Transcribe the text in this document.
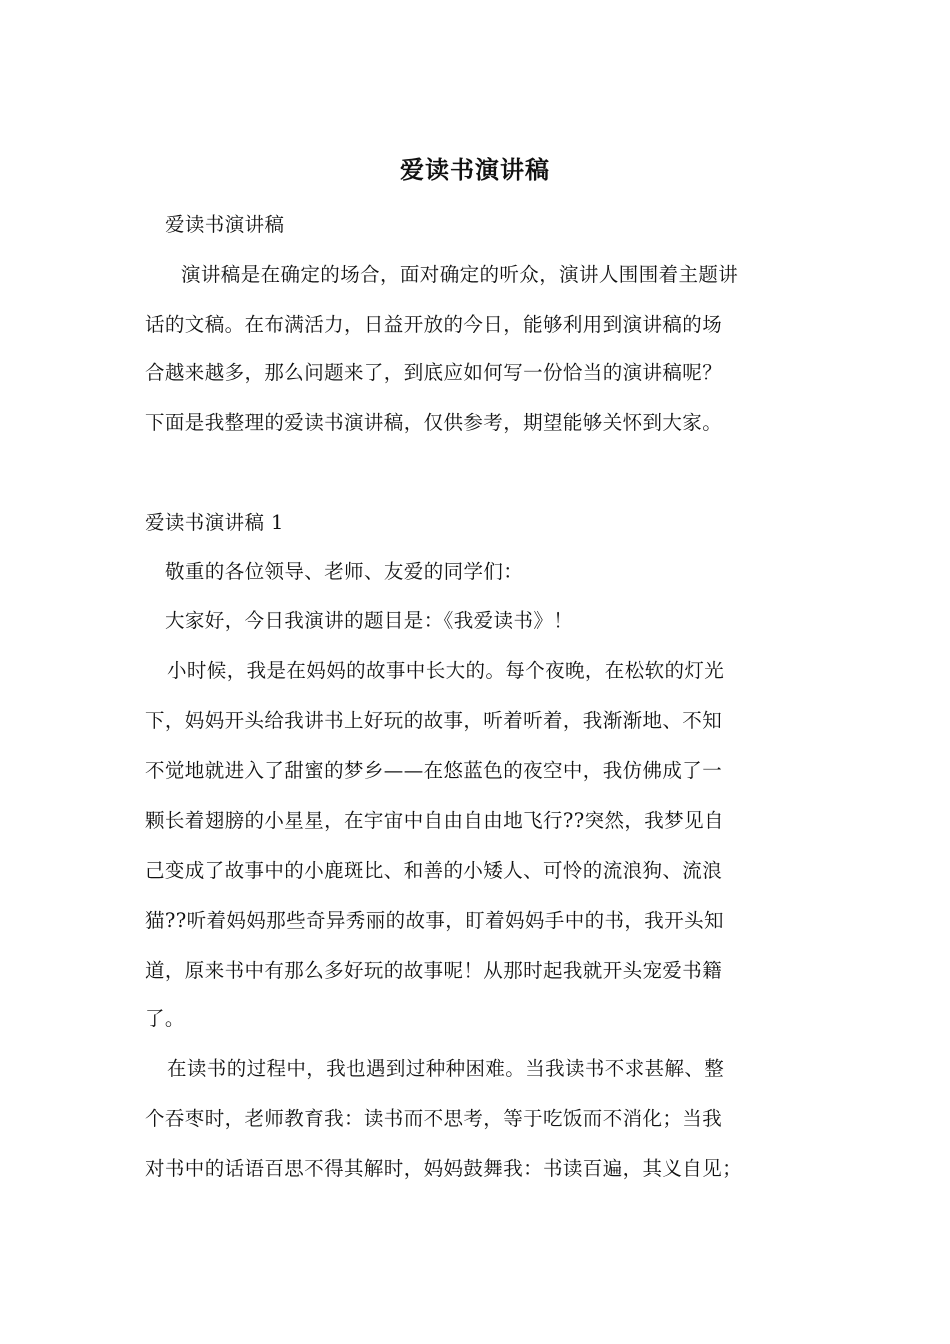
爱读书演讲稿
爱读书演讲稿
演讲稿是在确定的场合，面对确定的听众，演讲人围围着主题讲
话的文稿。在布满活力，日益开放的今日，能够利用到演讲稿的场
合越来越多，那么问题来了，到底应如何写一份恰当的演讲稿呢？
下面是我整理的爱读书演讲稿，仅供参考，期望能够关怀到大家。
爱读书演讲稿 1
敬重的各位领导、老师、友爱的同学们：
大家好，今日我演讲的题目是：《我爱读书》！
小时候，我是在妈妈的故事中长大的。每个夜晚，在松软的灯光
下，妈妈开头给我讲书上好玩的故事，听着听着，我渐渐地、不知
不觉地就进入了甜蜜的梦乡——在悠蓝色的夜空中，我仿佛成了一
颗长着翅膀的小星星，在宇宙中自由自由地飞行??突然，我梦见自
己变成了故事中的小鹿斑比、和善的小矮人、可怜的流浪狗、流浪
猫??听着妈妈那些奇异秀丽的故事，盯着妈妈手中的书，我开头知
道，原来书中有那么多好玩的故事呢！从那时起我就开头宠爱书籍
了。
在读书的过程中，我也遇到过种种困难。当我读书不求甚解、整
个吞枣时，老师教育我：读书而不思考，等于吃饭而不消化；当我
对书中的话语百思不得其解时，妈妈鼓舞我：书读百遍，其义自见；
